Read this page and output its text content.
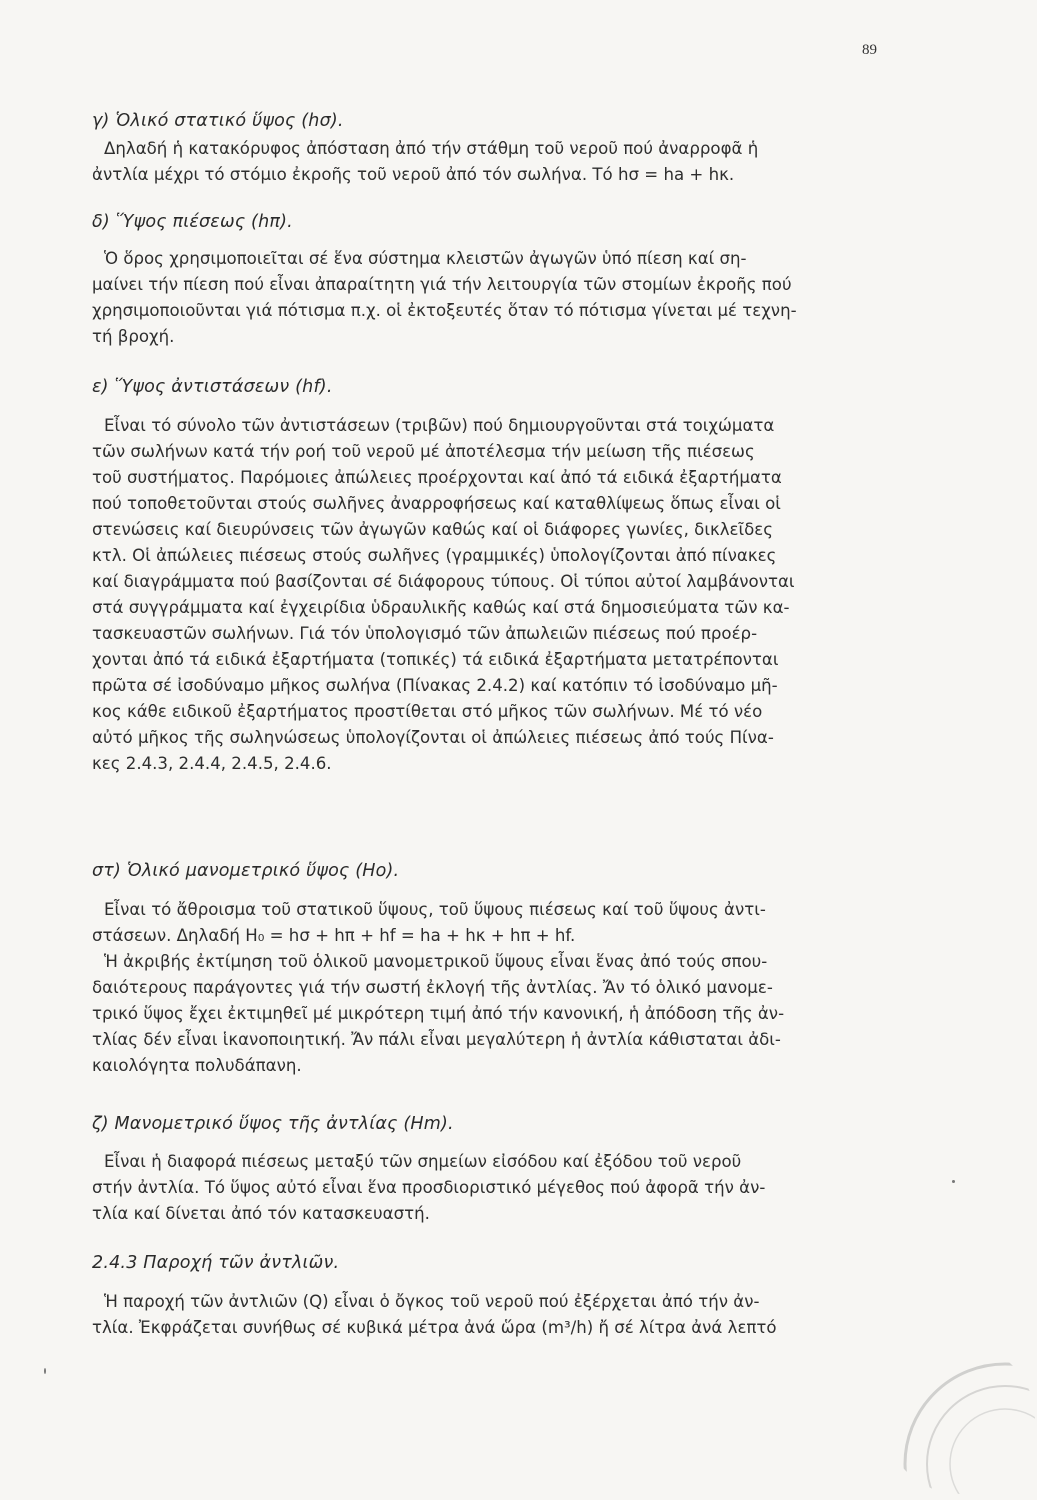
89
γ) Ὁλικό στατικό ὕψος (hσ).
Δηλαδή ἡ κατακόρυφος ἀπόσταση ἀπό τήν στάθμη τοῦ νεροῦ πού ἀναρροφᾶ ἡ
ἀντλία μέχρι τό στόμιο ἐκροῆς τοῦ νεροῦ ἀπό τόν σωλήνα. Τό hσ = ha + hκ.
δ) Ὕψος πιέσεως (hπ).
Ὁ ὅρος χρησιμοποιεῖται σέ ἕνα σύστημα κλειστῶν ἀγωγῶν ὑπό πίεση καί ση-
μαίνει τήν πίεση πού εἶναι ἀπαραίτητη γιά τήν λειτουργία τῶν στομίων ἐκροῆς πού
χρησιμοποιοῦνται γιά πότισμα π.χ. οἱ ἐκτοξευτές ὅταν τό πότισμα γίνεται μέ τεχνη-
τή βροχή.
ε) Ὕψος ἀντιστάσεων (hf).
Εἶναι τό σύνολο τῶν ἀντιστάσεων (τριβῶν) πού δημιουργοῦνται στά τοιχώματα
τῶν σωλήνων κατά τήν ροή τοῦ νεροῦ μέ ἀποτέλεσμα τήν μείωση τῆς πιέσεως
τοῦ συστήματος. Παρόμοιες ἀπώλειες προέρχονται καί ἀπό τά ειδικά ἐξαρτήματα
πού τοποθετοῦνται στούς σωλῆνες ἀναρροφήσεως καί καταθλίψεως ὅπως εἶναι οἱ
στενώσεις καί διευρύνσεις τῶν ἀγωγῶν καθώς καί οἱ διάφορες γωνίες, δικλεῖδες
κτλ. Οἱ ἀπώλειες πιέσεως στούς σωλῆνες (γραμμικές) ὑπολογίζονται ἀπό πίνακες
καί διαγράμματα πού βασίζονται σέ διάφορους τύπους. Οἱ τύποι αὐτοί λαμβάνονται
στά συγγράμματα καί ἐγχειρίδια ὑδραυλικῆς καθώς καί στά δημοσιεύματα τῶν κα-
τασκευαστῶν σωλήνων. Γιά τόν ὑπολογισμό τῶν ἀπωλειῶν πιέσεως πού προέρ-
χονται ἀπό τά ειδικά ἐξαρτήματα (τοπικές) τά ειδικά ἐξαρτήματα μετατρέπονται
πρῶτα σέ ἰσοδύναμο μῆκος σωλήνα (Πίνακας 2.4.2) καί κατόπιν τό ἰσοδύναμο μῆ-
κος κάθε ειδικοῦ ἐξαρτήματος προστίθεται στό μῆκος τῶν σωλήνων. Μέ τό νέο
αὐτό μῆκος τῆς σωληνώσεως ὑπολογίζονται οἱ ἀπώλειες πιέσεως ἀπό τούς Πίνα-
κες 2.4.3, 2.4.4, 2.4.5, 2.4.6.
στ) Ὁλικό μανομετρικό ὕψος (Ho).
Εἶναι τό ἄθροισμα τοῦ στατικοῦ ὕψους, τοῦ ὕψους πιέσεως καί τοῦ ὕψους ἀντι-
στάσεων. Δηλαδή H₀ = hσ + hπ + hf = ha + hκ + hπ + hf.
Ἡ ἀκριβής ἐκτίμηση τοῦ ὁλικοῦ μανομετρικοῦ ὕψους εἶναι ἕνας ἀπό τούς σπου-
δαιότερους παράγοντες γιά τήν σωστή ἐκλογή τῆς ἀντλίας. Ἄν τό ὁλικό μανομε-
τρικό ὕψος ἔχει ἐκτιμηθεῖ μέ μικρότερη τιμή ἀπό τήν κανονική, ἡ ἀπόδοση τῆς ἀν-
τλίας δέν εἶναι ἱκανοποιητική. Ἄν πάλι εἶναι μεγαλύτερη ἡ ἀντλία κάθισταται ἀδι-
καιολόγητα πολυδάπανη.
ζ) Μανομετρικό ὕψος τῆς ἀντλίας (Hm).
Εἶναι ἡ διαφορά πιέσεως μεταξύ τῶν σημείων εἰσόδου καί ἐξόδου τοῦ νεροῦ
στήν ἀντλία. Τό ὕψος αὐτό εἶναι ἕνα προσδιοριστικό μέγεθος πού ἀφορᾶ τήν ἀν-
τλία καί δίνεται ἀπό τόν κατασκευαστή.
2.4.3 Παροχή τῶν ἀντλιῶν.
Ἡ παροχή τῶν ἀντλιῶν (Q) εἶναι ὁ ὄγκος τοῦ νεροῦ πού ἐξέρχεται ἀπό τήν ἀν-
τλία. Ἐκφράζεται συνήθως σέ κυβικά μέτρα ἀνά ὥρα (m³/h) ἤ σέ λίτρα ἀνά λεπτό
